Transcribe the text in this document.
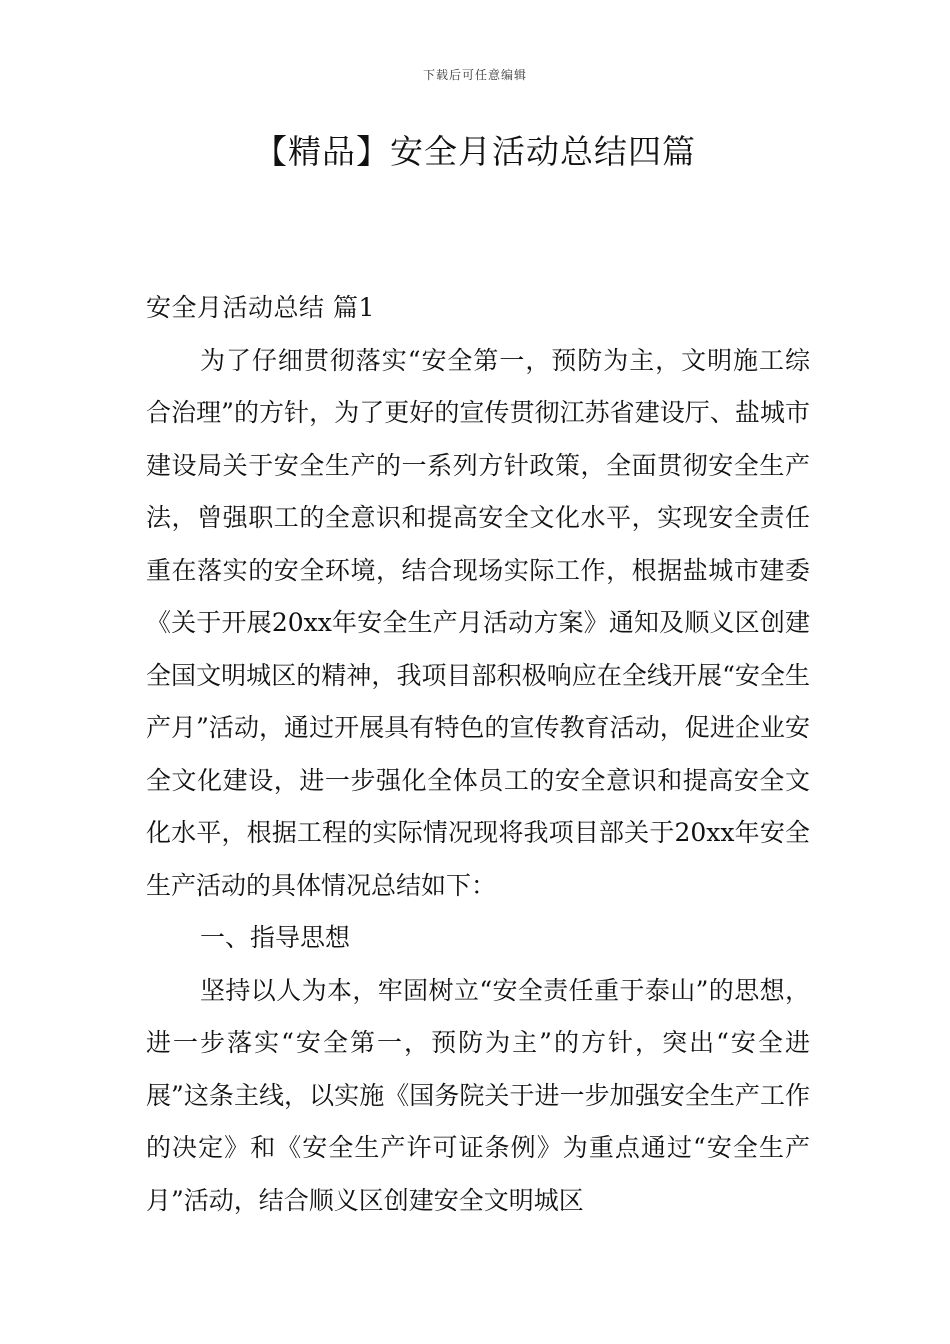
下载后可任意编辑
【精品】安全月活动总结四篇

安全月活动总结 篇1

为了仔细贯彻落实“安全第一，预防为主，文明施工综合治理”的方针，为了更好的宣传贯彻江苏省建设厅、盐城市建设局关于安全生产的一系列方针政策，全面贯彻安全生产法，曾强职工的全意识和提高安全文化水平，实现安全责任重在落实的安全环境，结合现场实际工作，根据盐城市建委《关于开展20xx年安全生产月活动方案》通知及顺义区创建全国文明城区的精神，我项目部积极响应在全线开展“安全生产月”活动，通过开展具有特色的宣传教育活动，促进企业安全文化建设，进一步强化全体员工的安全意识和提高安全文化水平，根据工程的实际情况现将我项目部关于20xx年安全生产活动的具体情况总结如下：

一、指导思想

坚持以人为本，牢固树立“安全责任重于泰山”的思想，进一步落实“安全第一，预防为主”的方针，突出“安全进展”这条主线，以实施《国务院关于进一步加强安全生产工作的决定》和《安全生产许可证条例》为重点通过“安全生产月”活动，结合顺义区创建安全文明城区
